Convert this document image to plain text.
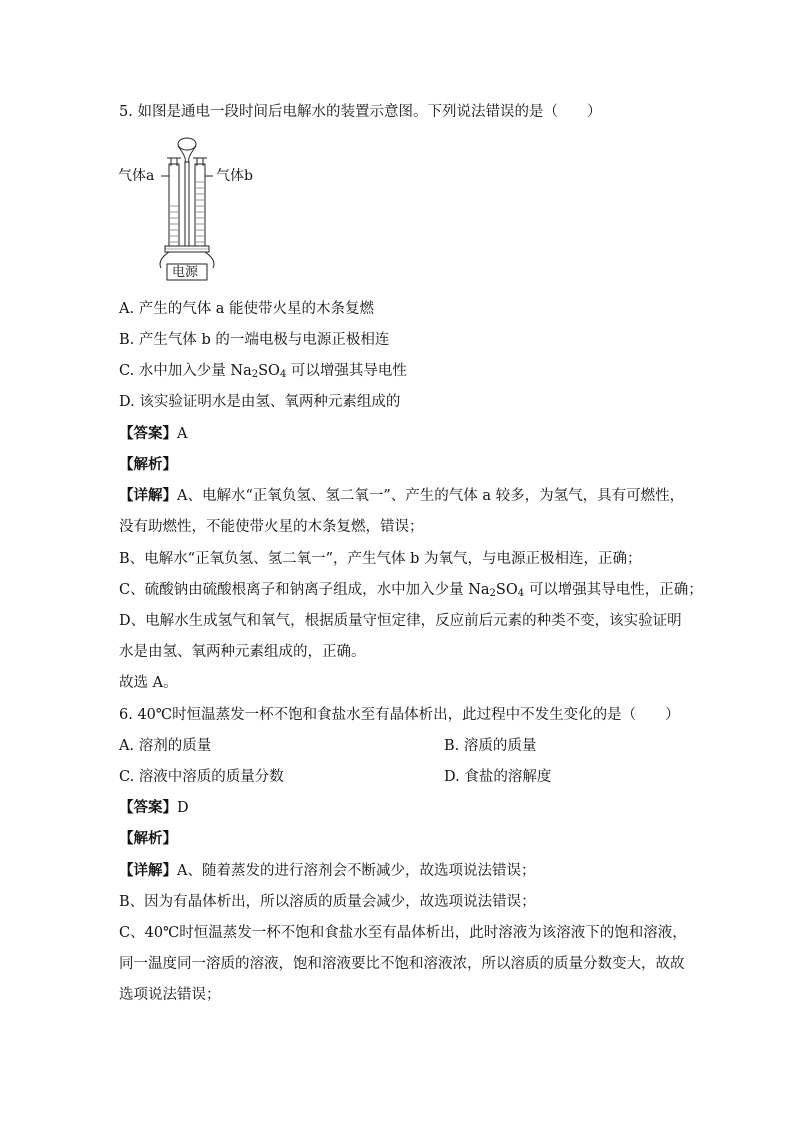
5. 如图是通电一段时间后电解水的装置示意图。下列说法错误的是（　　）
气体a	气体b
电源
A. 产生的气体 a 能使带火星的木条复燃
B. 产生气体 b 的一端电极与电源正极相连
C. 水中加入少量 $Na_2SO_4$ 可以增强其导电性
D. 该实验证明水是由氢、氧两种元素组成的
【答案】A
【解析】
【详解】A、电解水“正氧负氢、氢二氧一”、产生的气体 a 较多，为氢气，具有可燃性，
没有助燃性，不能使带火星的木条复燃，错误；
B、电解水“正氧负氢、氢二氧一”，产生气体 b 为氧气，与电源正极相连，正确；
C、硫酸钠由硫酸根离子和钠离子组成，水中加入少量 $Na_2SO_4$ 可以增强其导电性，正确；
D、电解水生成氢气和氧气，根据质量守恒定律，反应前后元素的种类不变，该实验证明
水是由氢、氧两种元素组成的，正确。
故选 A。
6. 40℃时恒温蒸发一杯不饱和食盐水至有晶体析出，此过程中不发生变化的是（　　）
A. 溶剂的质量	B. 溶质的质量
C. 溶液中溶质的质量分数	D. 食盐的溶解度
【答案】D
【解析】
【详解】A、随着蒸发的进行溶剂会不断减少，故选项说法错误；
B、因为有晶体析出，所以溶质的质量会减少，故选项说法错误；
C、40℃时恒温蒸发一杯不饱和食盐水至有晶体析出，此时溶液为该溶液下的饱和溶液，
同一温度同一溶质的溶液，饱和溶液要比不饱和溶液浓，所以溶质的质量分数变大，故故
选项说法错误；
